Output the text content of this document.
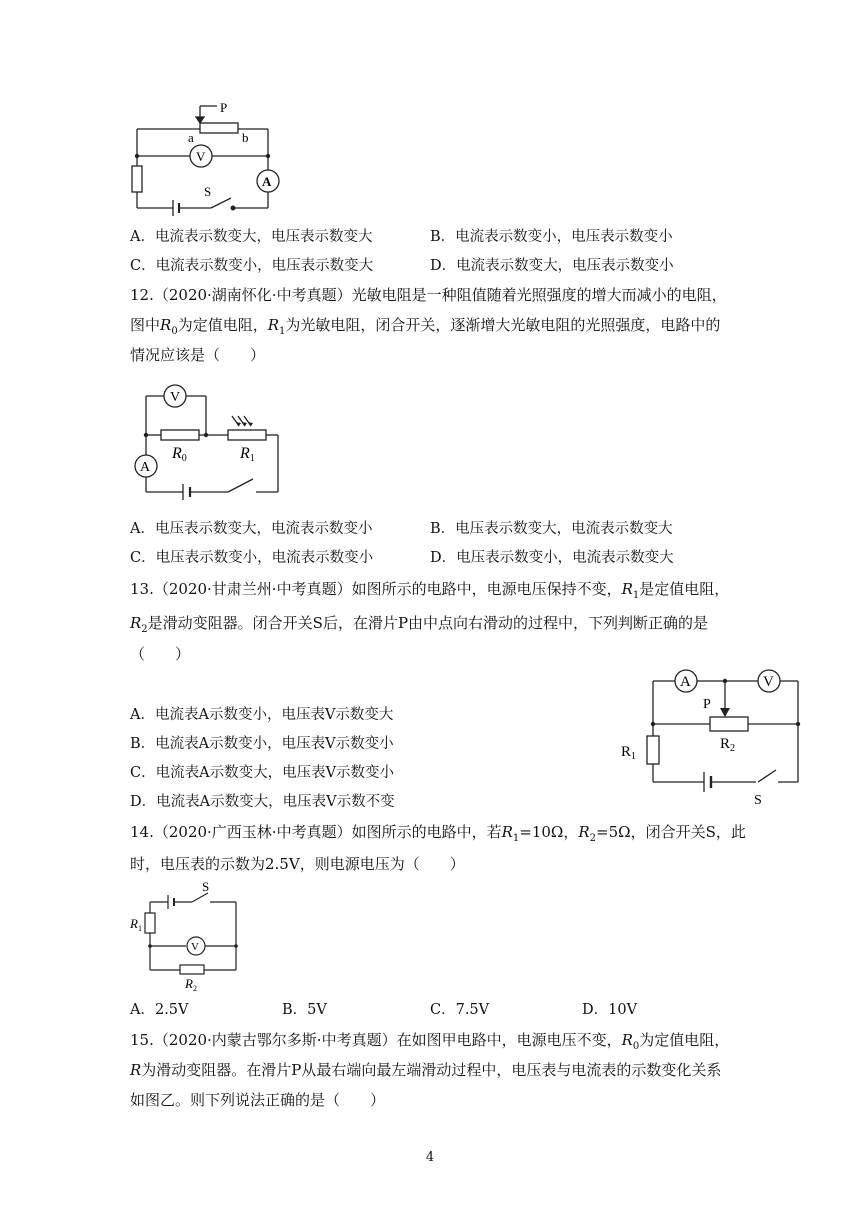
P
a	b
V
A
S
A．电流表示数变大，电压表示数变大	B．电流表示数变小，电压表示数变小
C．电流表示数变小，电压表示数变大	D．电流表示数变大，电压表示数变小
12.（2020·湖南怀化·中考真题）光敏电阻是一种阻值随着光照强度的增大而减小的电阻，
图中$R_0$为定值电阻，$R_1$为光敏电阻，闭合开关，逐渐增大光敏电阻的光照强度，电路中的
情况应该是（　　）
V
A
R0	R1
A．电压表示数变大，电流表示数变小	B．电压表示数变大，电流表示数变大
C．电压表示数变小，电流表示数变小	D．电压表示数变小，电流表示数变大
13.（2020·甘肃兰州·中考真题）如图所示的电路中，电源电压保持不变，$R_1$是定值电阻，
$R_2$是滑动变阻器。闭合开关S后，在滑片P由中点向右滑动的过程中，下列判断正确的是
（　　）
A．电流表A示数变小，电压表V示数变大
B．电流表A示数变小，电压表V示数变小
C．电流表A示数变大，电压表V示数变小
D．电流表A示数变大，电压表V示数不变
A	V
P
$R_2$
$R_1$
S
14.（2020·广西玉林·中考真题）如图所示的电路中，若$R_1=10\Omega$，$R_2=5\Omega$，闭合开关S，此
时，电压表的示数为2.5V，则电源电压为（　　）
S
$R_1$
V
$R_2$
A．2.5V	B．5V	C．7.5V	D．10V
15.（2020·内蒙古鄂尔多斯·中考真题）在如图甲电路中，电源电压不变，$R_0$为定值电阻，
R为滑动变阻器。在滑片P从最右端向最左端滑动过程中，电压表与电流表的示数变化关系
如图乙。则下列说法正确的是（　　）
4
